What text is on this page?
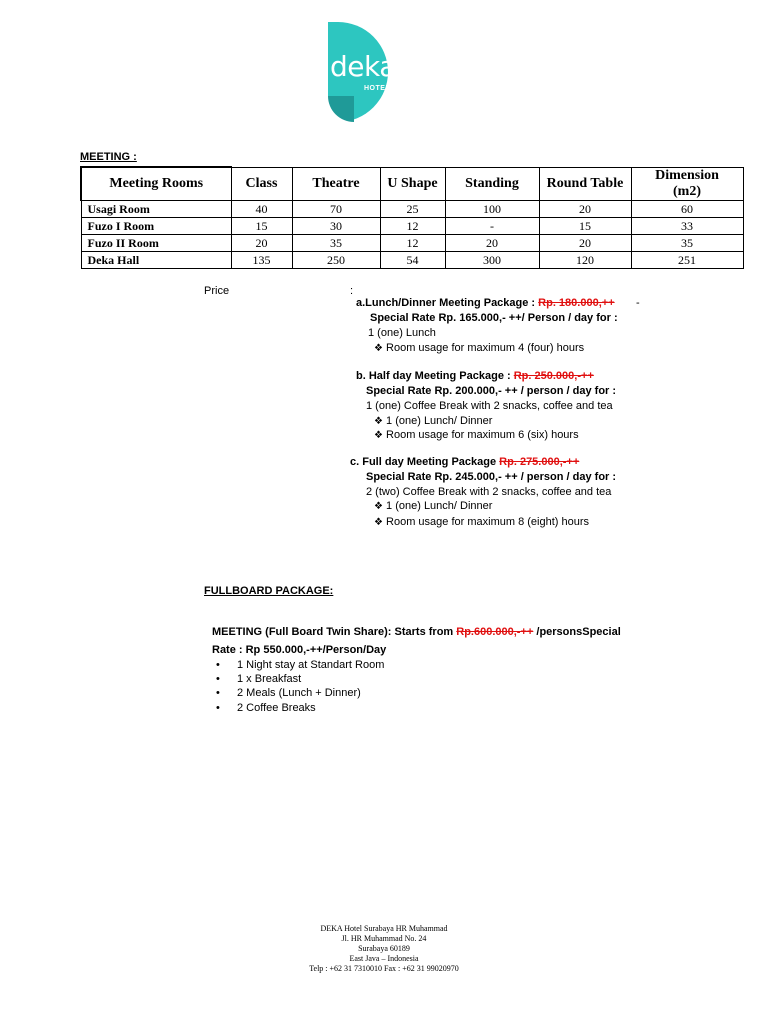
deka
HOTEL
MEETING :
Meeting Rooms	Class	Theatre	U Shape	Standing	Round Table	Dimension
(m2)

Usagi Room	40	70	25	100	20	60
Fuzo I Room	15	30	12	-	15	33
Fuzo II Room	20	35	12	20	20	35
Deka Hall	135	250	54	300	120	251
Price	:
a.Lunch/Dinner Meeting Package : Rp. 180.000,++ -
Special Rate Rp. 165.000,- ++/ Person / day for :
1 (one) Lunch
❖ Room usage for maximum 4 (four) hours
b. Half day Meeting Package : Rp. 250.000,-++
Special Rate Rp. 200.000,- ++ / person / day for :
1 (one) Coffee Break with 2 snacks, coffee and tea
❖ 1 (one) Lunch/ Dinner
❖ Room usage for maximum 6 (six) hours
c. Full day Meeting Package Rp. 275.000,-++
Special Rate Rp. 245.000,- ++ / person / day for :
2 (two) Coffee Break with 2 snacks, coffee and tea
❖ 1 (one) Lunch/ Dinner
❖ Room usage for maximum 8 (eight) hours
FULLBOARD PACKAGE:
MEETING (Full Board Twin Share): Starts from Rp.600.000,-++ /personsSpecial
Rate : Rp 550.000,-++/Person/Day
• 1 Night stay at Standart Room
• 1 x Breakfast
• 2 Meals (Lunch + Dinner)
• 2 Coffee Breaks
DEKA Hotel Surabaya HR Muhammad
Jl. HR Muhammad No. 24
Surabaya 60189
East Java – Indonesia
Telp : +62 31 7310010 Fax : +62 31 99020970
